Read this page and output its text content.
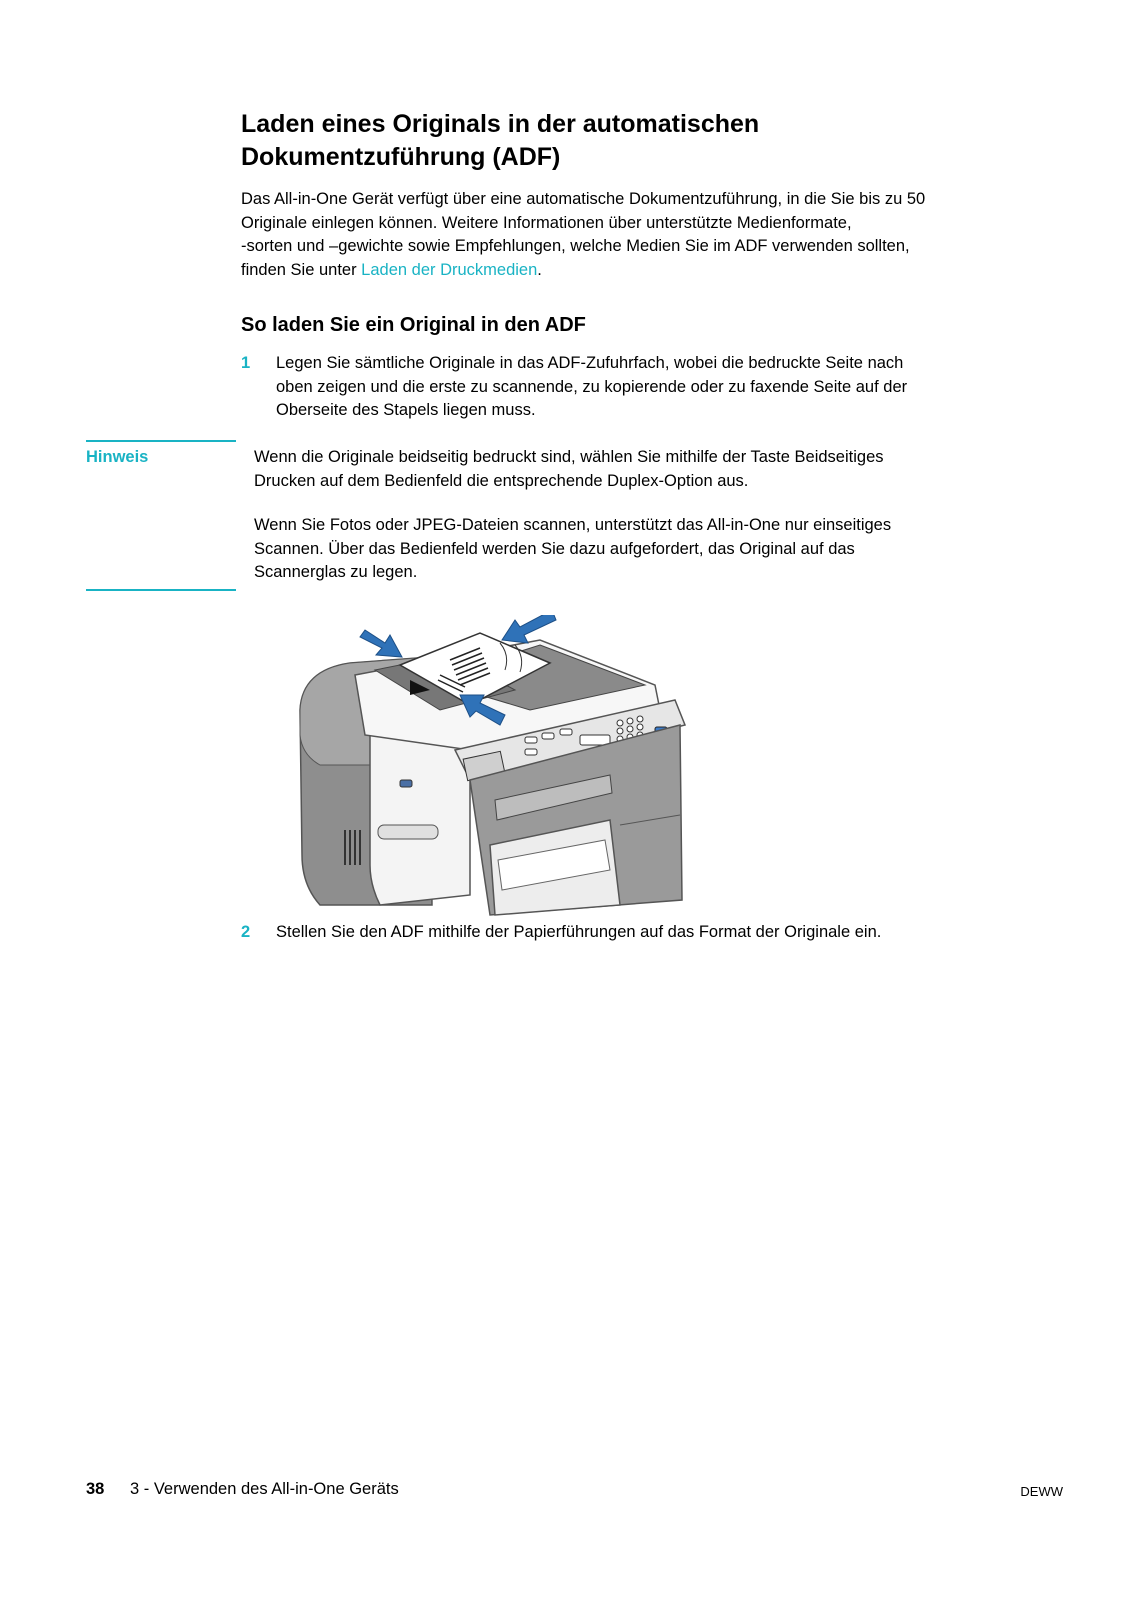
Laden eines Originals in der automatischen
Dokumentzuführung (ADF)

Das All-in-One Gerät verfügt über eine automatische Dokumentzuführung, in die Sie bis zu 50
Originale einlegen können. Weitere Informationen über unterstützte Medienformate,
-sorten und –gewichte sowie Empfehlungen, welche Medien Sie im ADF verwenden sollten,
finden Sie unter Laden der Druckmedien.

So laden Sie ein Original in den ADF
1 Legen Sie sämtliche Originale in das ADF-Zufuhrfach, wobei die bedruckte Seite nach
oben zeigen und die erste zu scannende, zu kopierende oder zu faxende Seite auf der
Oberseite des Stapels liegen muss.
Hinweis	Wenn die Originale beidseitig bedruckt sind, wählen Sie mithilfe der Taste Beidseitiges
Drucken auf dem Bedienfeld die entsprechende Duplex-Option aus.
Wenn Sie Fotos oder JPEG-Dateien scannen, unterstützt das All-in-One nur einseitiges
Scannen. Über das Bedienfeld werden Sie dazu aufgefordert, das Original auf das
Scannerglas zu legen.
2 Stellen Sie den ADF mithilfe der Papierführungen auf das Format der Originale ein.
38 3 - Verwenden des All-in-One Geräts	DEWW
